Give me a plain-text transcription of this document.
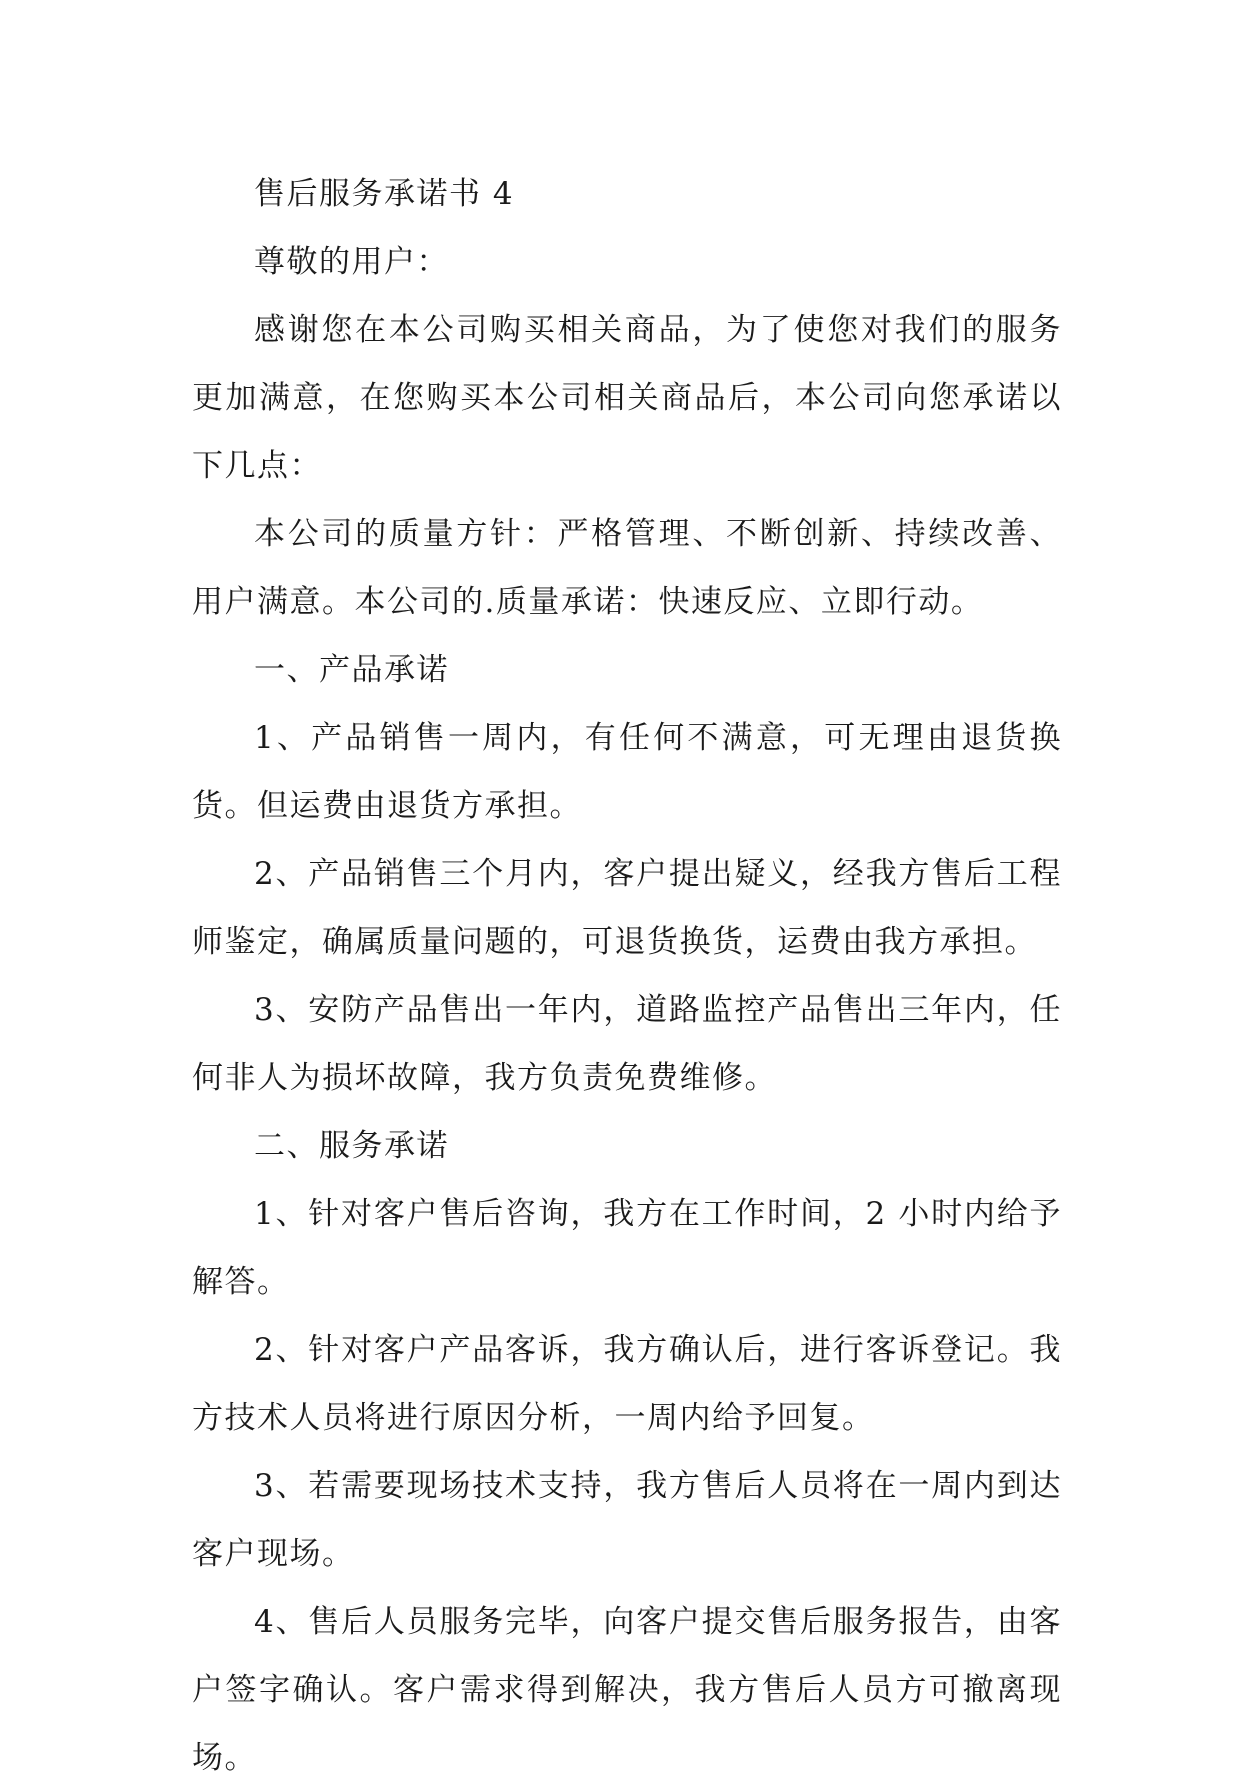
售后服务承诺书 4

尊敬的用户：

感谢您在本公司购买相关商品，为了使您对我们的服务更加满意，在您购买本公司相关商品后，本公司向您承诺以下几点：

本公司的质量方针：严格管理、不断创新、持续改善、用户满意。本公司的.质量承诺：快速反应、立即行动。

一、产品承诺

1、产品销售一周内，有任何不满意，可无理由退货换货。但运费由退货方承担。

2、产品销售三个月内，客户提出疑义，经我方售后工程师鉴定，确属质量问题的，可退货换货，运费由我方承担。

3、安防产品售出一年内，道路监控产品售出三年内，任何非人为损坏故障，我方负责免费维修。

二、服务承诺

1、针对客户售后咨询，我方在工作时间，2 小时内给予解答。

2、针对客户产品客诉，我方确认后，进行客诉登记。我方技术人员将进行原因分析，一周内给予回复。

3、若需要现场技术支持，我方售后人员将在一周内到达客户现场。

4、售后人员服务完毕，向客户提交售后服务报告，由客户签字确认。客户需求得到解决，我方售后人员方可撤离现场。
